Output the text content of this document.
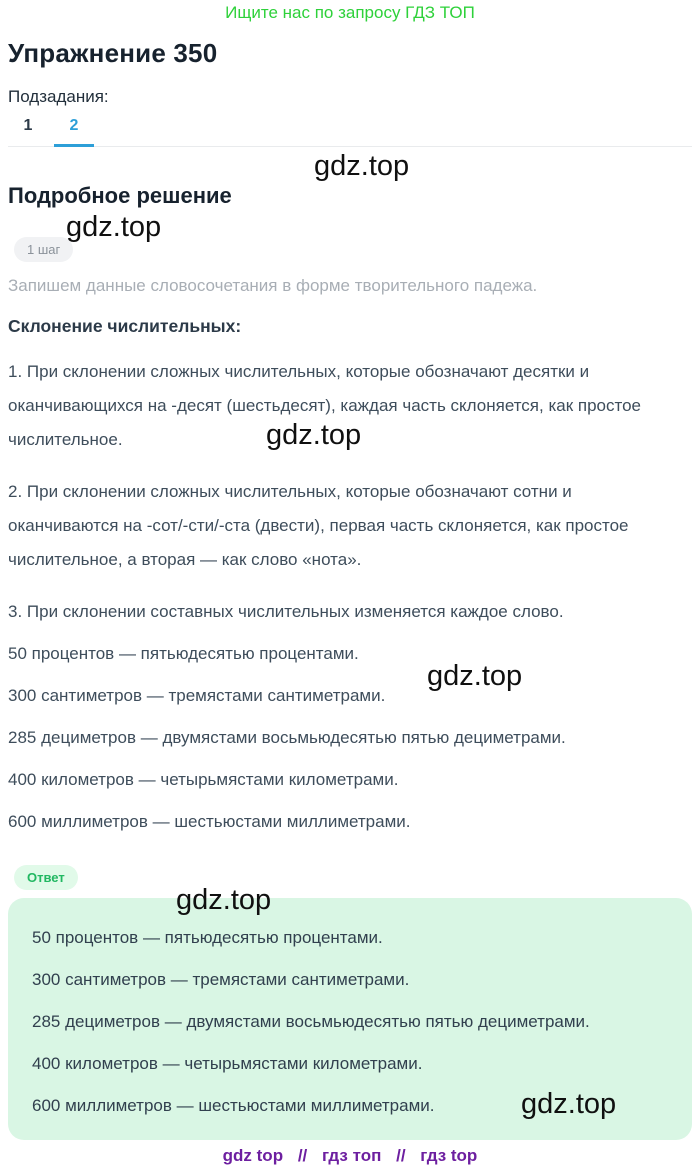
Ищите нас по запросу ГДЗ ТОП
Упражнение 350
Подзадания:
1	2
Подробное решение
1 шаг

Запишем данные словосочетания в форме творительного падежа.

Склонение числительных:

1. При склонении сложных числительных, которые обозначают десятки и оканчивающихся на -десят (шестьдесят), каждая часть склоняется, как простое числительное.

2. При склонении сложных числительных, которые обозначают сотни и оканчиваются на -сот/-сти/-ста (двести), первая часть склоняется, как простое числительное, а вторая — как слово «нота».

3. При склонении составных числительных изменяется каждое слово.

50 процентов — пятьюдесятью процентами.

300 сантиметров — тремястами сантиметрами.

285 дециметров — двумястами восьмьюдесятью пятью дециметрами.

400 километров — четырьмястами километрами.

600 миллиметров — шестьюстами миллиметрами.

Ответ

50 процентов — пятьюдесятью процентами.

300 сантиметров — тремястами сантиметрами.

285 дециметров — двумястами восьмьюдесятью пятью дециметрами.

400 километров — четырьмястами километрами.

600 миллиметров — шестьюстами миллиметрами.

gdz top // гдз топ // гдз top
gdz.top
gdz.top
gdz.top
gdz.top
gdz.top
gdz.top
